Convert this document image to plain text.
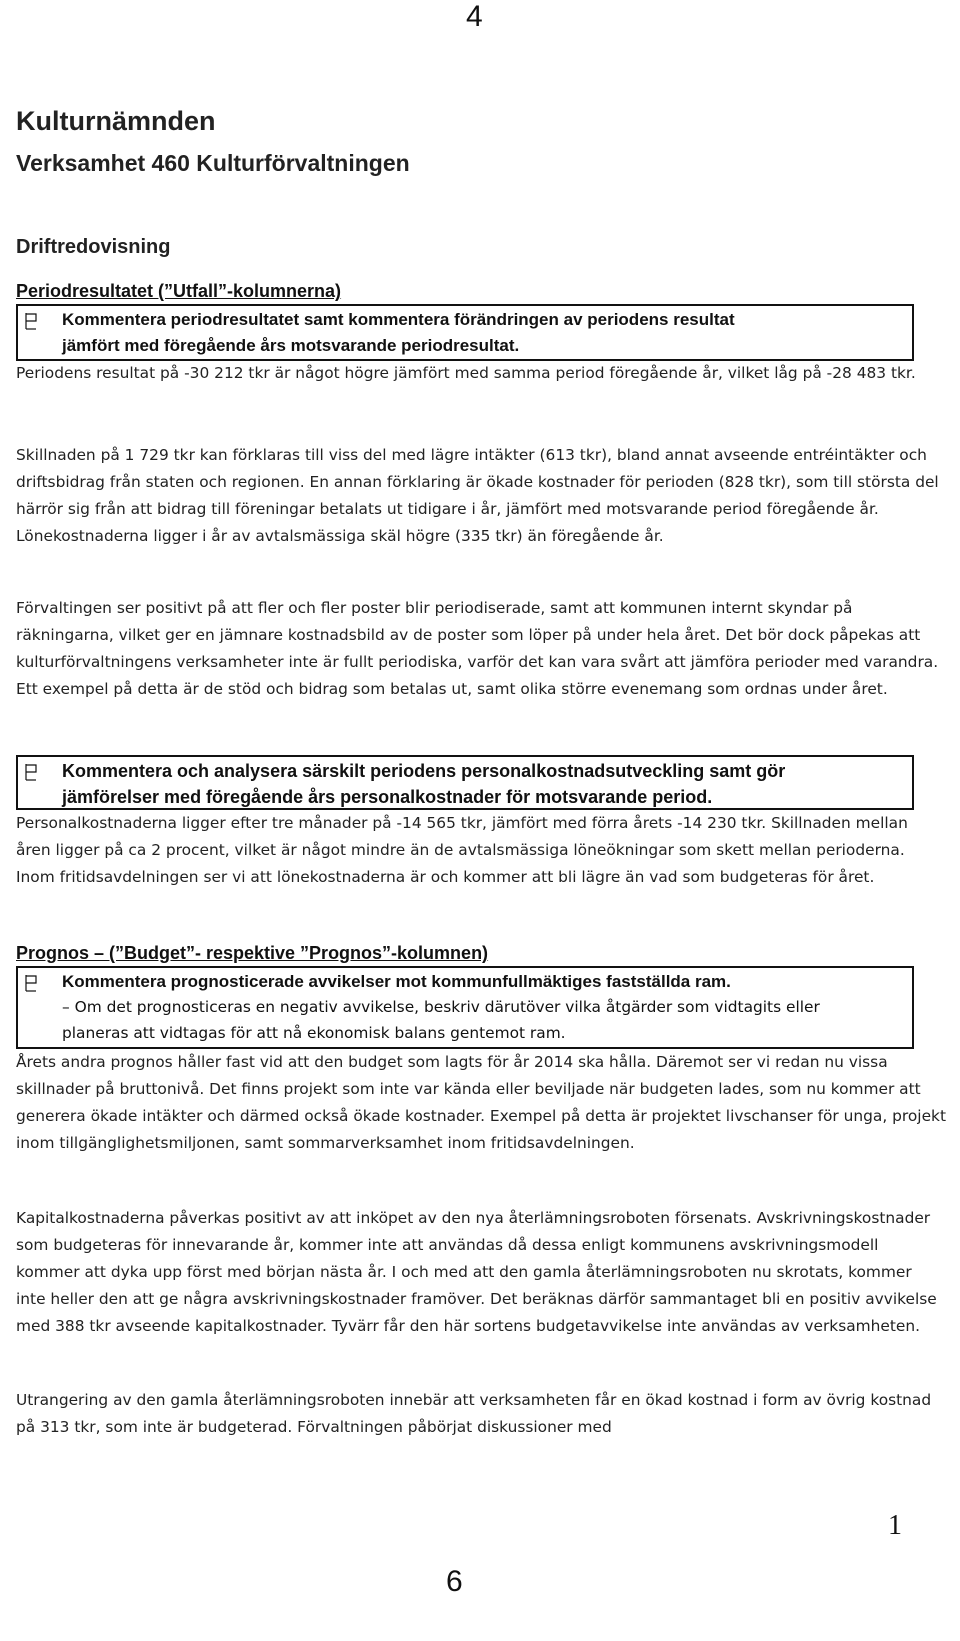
4
Kulturnämnden
Verksamhet 460 Kulturförvaltningen
Driftredovisning
Periodresultatet (”Utfall”-kolumnerna)
Kommentera periodresultatet samt kommentera förändringen av periodens resultat
jämfört med föregående års motsvarande periodresultat.
Periodens resultat på -30 212 tkr är något högre jämfört med samma period föregående år, vilket låg på -28 483 tkr.
Skillnaden på 1 729 tkr kan förklaras till viss del med lägre intäkter (613 tkr), bland annat avseende entréintäkter och driftsbidrag från staten och regionen. En annan förklaring är ökade kostnader för perioden (828 tkr), som till största del härrör sig från att bidrag till föreningar betalats ut tidigare i år, jämfört med motsvarande period föregående år. Lönekostnaderna ligger i år av avtalsmässiga skäl högre (335 tkr) än föregående år.
Förvaltingen ser positivt på att fler och fler poster blir periodiserade, samt att kommunen internt skyndar på räkningarna, vilket ger en jämnare kostnadsbild av de poster som löper på under hela året. Det bör dock påpekas att kulturförvaltningens verksamheter inte är fullt periodiska, varför det kan vara svårt att jämföra perioder med varandra. Ett exempel på detta är de stöd och bidrag som betalas ut, samt olika större evenemang som ordnas under året.
Kommentera och analysera särskilt periodens personalkostnadsutveckling samt gör
jämförelser med föregående års personalkostnader för motsvarande period.
Personalkostnaderna ligger efter tre månader på -14 565 tkr, jämfört med förra årets -14 230 tkr. Skillnaden mellan åren ligger på ca 2 procent, vilket är något mindre än de avtalsmässiga löneökningar som skett mellan perioderna. Inom fritidsavdelningen ser vi att lönekostnaderna är och kommer att bli lägre än vad som budgeteras för året.
Prognos – (”Budget”- respektive ”Prognos”-kolumnen)
Kommentera prognosticerade avvikelser mot kommunfullmäktiges fastställda ram.
– Om det prognosticeras en negativ avvikelse, beskriv därutöver vilka åtgärder som vidtagits eller
planeras att vidtagas för att nå ekonomisk balans gentemot ram.
Årets andra prognos håller fast vid att den budget som lagts för år 2014 ska hålla. Däremot ser vi redan nu vissa skillnader på bruttonivå. Det finns projekt som inte var kända eller beviljade när budgeten lades, som nu kommer att generera ökade intäkter och därmed också ökade kostnader. Exempel på detta är projektet livschanser för unga, projekt inom tillgänglighetsmiljonen, samt sommarverksamhet inom fritidsavdelningen.
Kapitalkostnaderna påverkas positivt av att inköpet av den nya återlämningsroboten försenats. Avskrivningskostnader som budgeteras för innevarande år, kommer inte att användas då dessa enligt kommunens avskrivningsmodell kommer att dyka upp först med början nästa år. I och med att den gamla återlämningsroboten nu skrotats, kommer inte heller den att ge några avskrivningskostnader framöver. Det beräknas därför sammantaget bli en positiv avvikelse med 388 tkr avseende kapitalkostnader. Tyvärr får den här sortens budgetavvikelse inte användas av verksamheten.
Utrangering av den gamla återlämningsroboten innebär att verksamheten får en ökad kostnad i form av övrig kostnad på 313 tkr, som inte är budgeterad. Förvaltningen påbörjat diskussioner med
1
6
